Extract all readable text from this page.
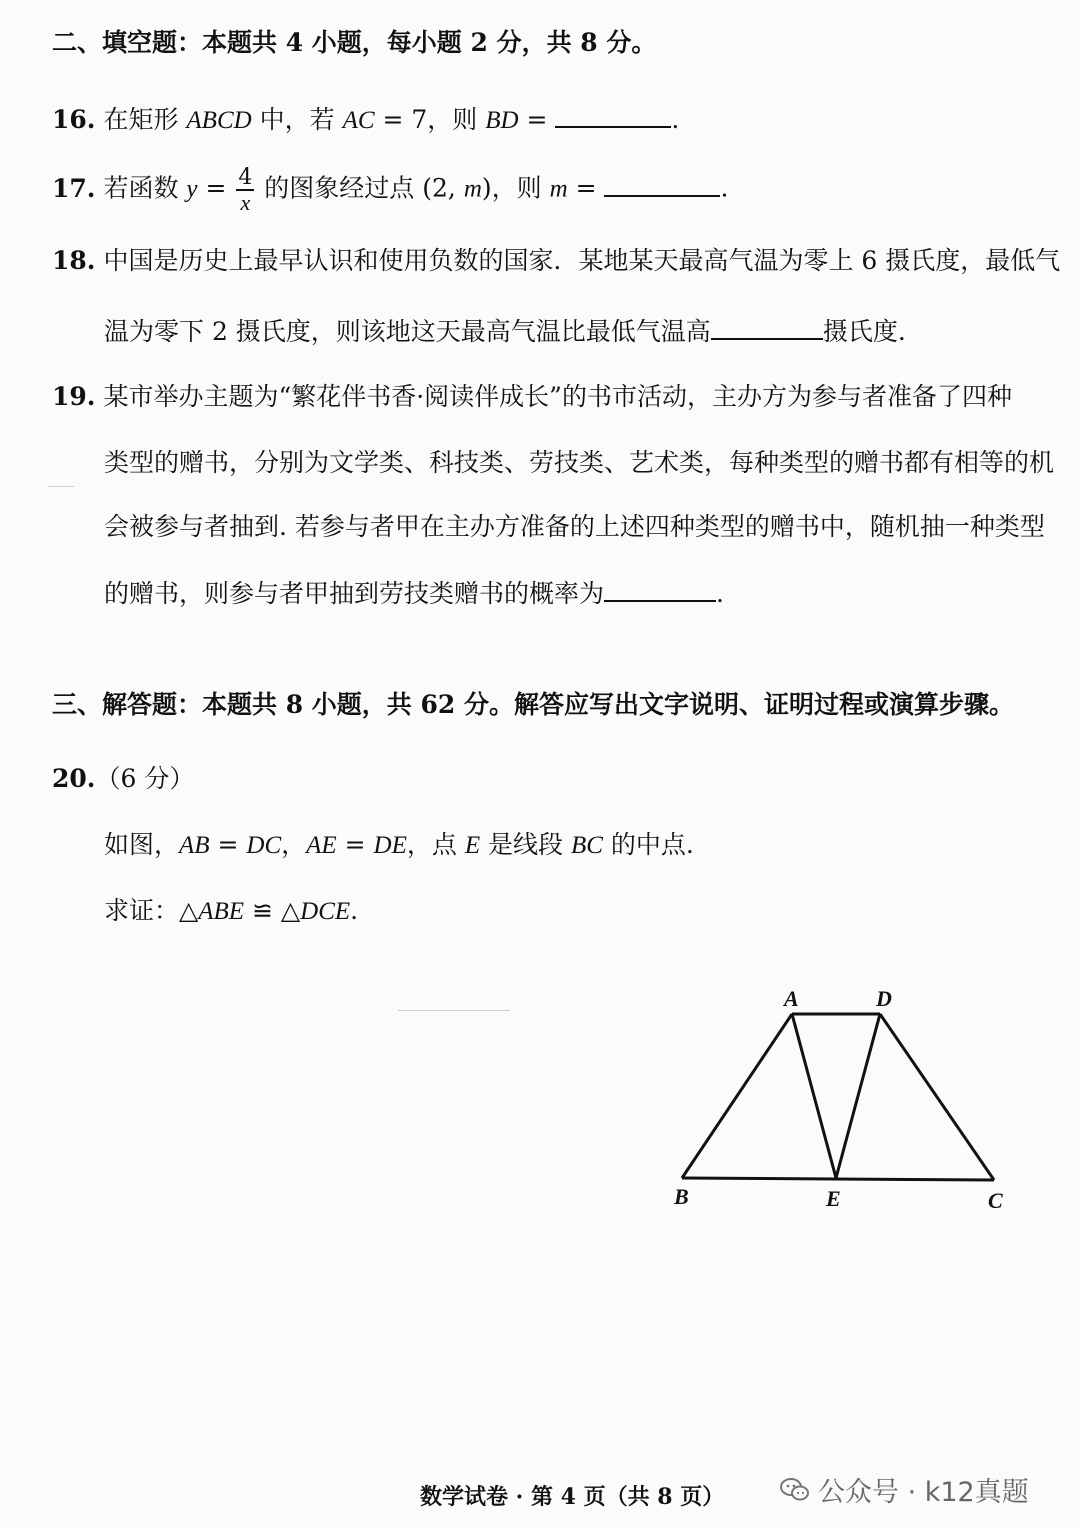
二、填空题：本题共 4 小题，每小题 2 分，共 8 分。
16. 在矩形 ABCD 中，若 AC = 7，则 BD =	.
17. 若函数 $y = \frac{4}{x}$ 的图象经过点 (2, m)，则 m =	.
18. 中国是历史上最早认识和使用负数的国家．某地某天最高气温为零上 6 摄氏度，最低气
温为零下 2 摄氏度，则该地这天最高气温比最低气温高	摄氏度.
19. 某市举办主题为“繁花伴书香·阅读伴成长”的书市活动，主办方为参与者准备了四种
类型的赠书，分别为文学类、科技类、劳技类、艺术类，每种类型的赠书都有相等的机
会被参与者抽到. 若参与者甲在主办方准备的上述四种类型的赠书中，随机抽一种类型
的赠书，则参与者甲抽到劳技类赠书的概率为	.
三、解答题：本题共 8 小题，共 62 分。解答应写出文字说明、证明过程或演算步骤。
20.（6 分）
如图，AB = DC，AE = DE，点 E 是线段 BC 的中点.
求证：△ABE ≌ △DCE.
A	D
B	E	C
数学试卷 · 第 4 页（共 8 页）	公众号 · k12真题
